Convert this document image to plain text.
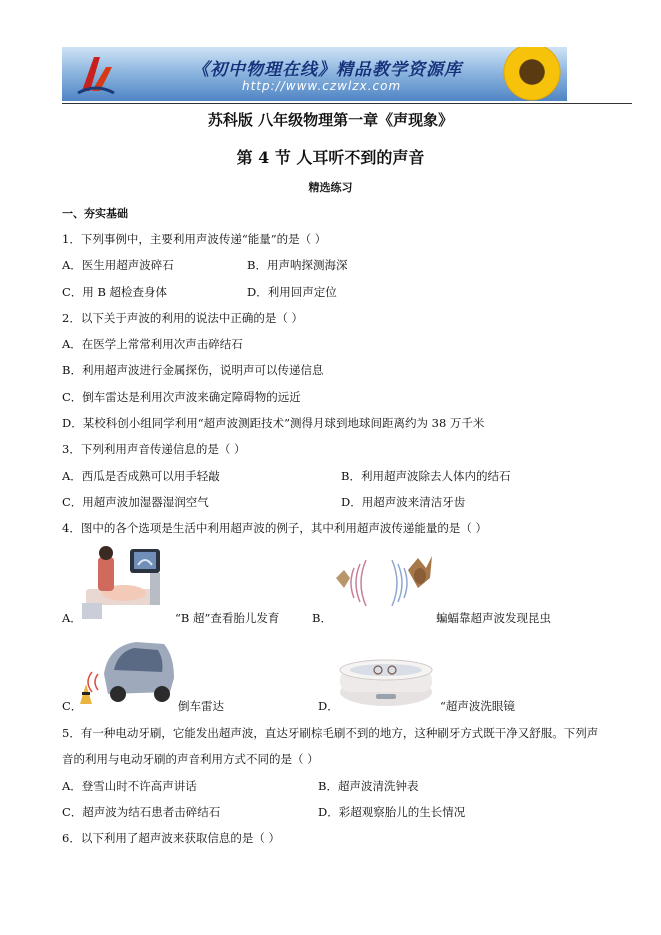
《初中物理在线》精品教学资源库
http://www.czwlzx.com
苏科版 八年级物理第一章《声现象》
第 4 节 人耳听不到的声音
精选练习
一、夯实基础
1．下列事例中，主要利用声波传递“能量”的是（ ）
A．医生用超声波碎石	B．用声呐探测海深
C．用 B 超检查身体	D．利用回声定位
2．以下关于声波的利用的说法中正确的是（ ）
A．在医学上常常利用次声击碎结石
B．利用超声波进行金属探伤，说明声可以传递信息
C．倒车雷达是利用次声波来确定障碍物的远近
D．某校科创小组同学利用“超声波测距技术”测得月球到地球间距离约为 38 万千米
3．下列利用声音传递信息的是（ ）
A．西瓜是否成熟可以用手轻敲	B．利用超声波除去人体内的结石
C．用超声波加湿器湿润空气	D．用超声波来清洁牙齿
4．图中的各个选项是生活中利用超声波的例子，其中利用超声波传递能量的是（ ）
A．	“B 超”查看胎儿发育	B．	蝙蝠靠超声波发现昆虫
C．	倒车雷达	D．	“超声波洗眼镜
5．有一种电动牙刷，它能发出超声波，直达牙刷棕毛刷不到的地方，这种刷牙方式既干净又舒服。下列声
音的利用与电动牙刷的声音利用方式不同的是（ ）
A．登雪山时不许高声讲话	B．超声波清洗钟表
C．超声波为结石患者击碎结石	D．彩超观察胎儿的生长情况
6．以下利用了超声波来获取信息的是（ ）
